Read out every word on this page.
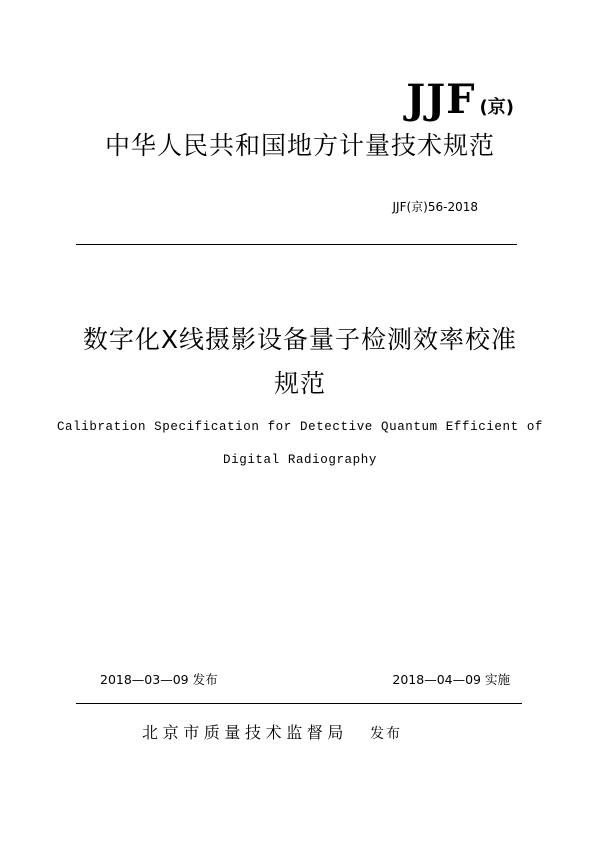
JJF (京)
中华人民共和国地方计量技术规范
JJF(京)56-2018
数字化X线摄影设备量子检测效率校准
规范
Calibration Specification for Detective Quantum Efficient of
Digital Radiography
2018—03—09 发布	2018—04—09 实施
北京市质量技术监督局 发布
